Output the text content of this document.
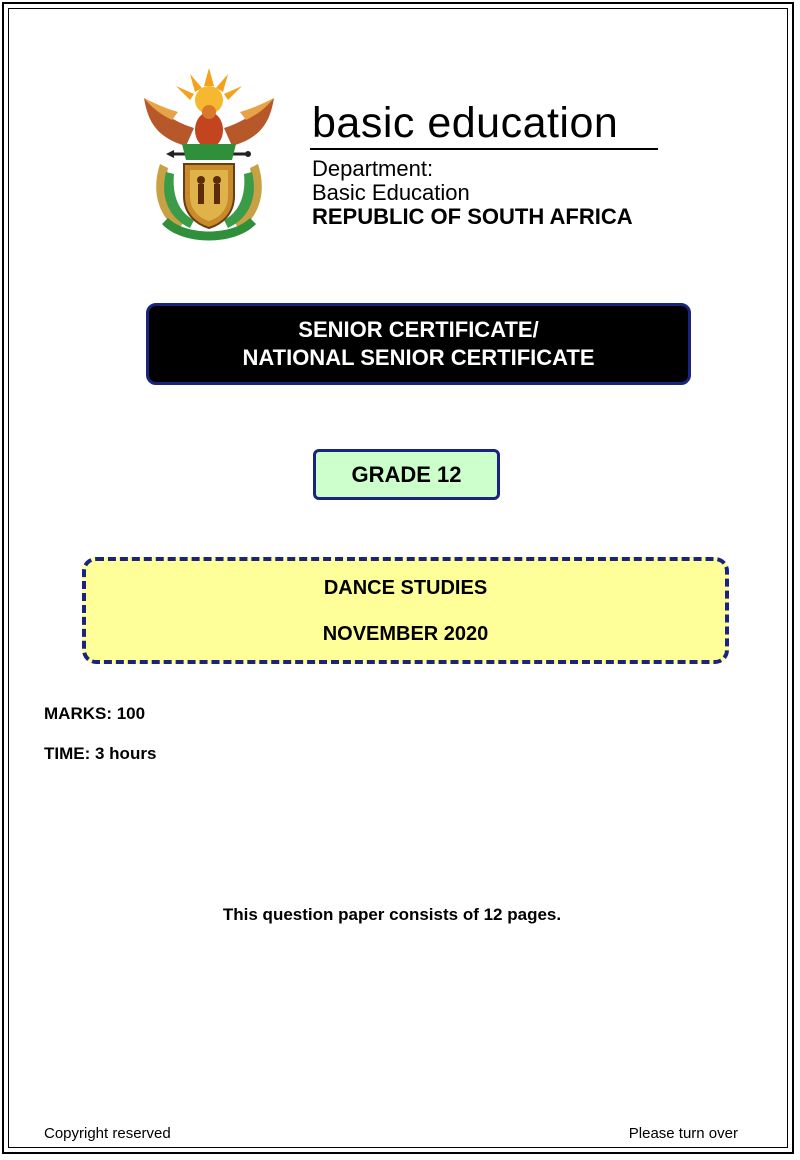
basic education
Department:
Basic Education
REPUBLIC OF SOUTH AFRICA
SENIOR CERTIFICATE/
NATIONAL SENIOR CERTIFICATE
GRADE 12
DANCE STUDIES
NOVEMBER 2020
MARKS: 100
TIME: 3 hours
This question paper consists of 12 pages.
Copyright reserved	Please turn over
